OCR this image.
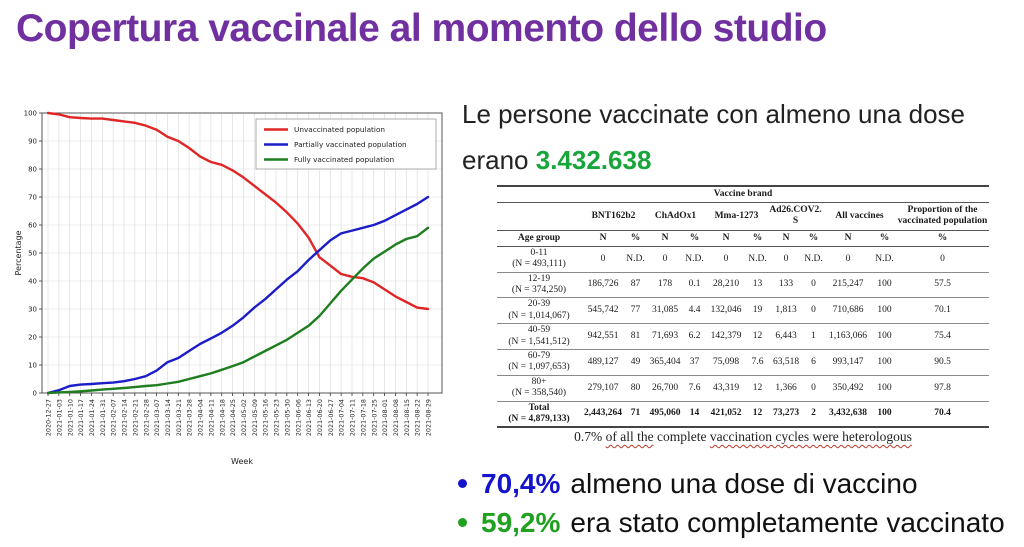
Copertura vaccinale al momento dello studio
0
10
20
30
40
50
60
70
80
90
100
2020-12-27 2021-01-03 2021-01-10 2021-01-17 2021-01-24 2021-01-31 2021-02-07 2021-02-14 2021-02-21 2021-02-28 2021-03-07 2021-03-14 2021-03-21 2021-03-28 2021-04-04 2021-04-11 2021-04-18 2021-04-25 2021-05-02 2021-05-09 2021-05-16 2021-05-23 2021-05-30 2021-06-06 2021-06-13 2021-06-20 2021-06-27 2021-07-04 2021-07-11 2021-07-18 2021-07-25 2021-08-01 2021-08-08 2021-08-15 2021-08-22 2021-08-29
Week
Percentage
Unvaccinated population
Partially vaccinated population
Fully vaccinated population
Le persone vaccinate con almeno una dose erano 3.432.638
Vaccine brand											
	BNT162b2		ChAdOx1		Mma-1273		Ad26.COV2.S		All vaccines		Proportion of the vaccinated population
Age group	N	%	N	%	N	%	N	%	N	%	%

0-11
(N = 493,111)	0	N.D.	0	N.D.	0	N.D.	0	N.D.	0	N.D.	0

12-19
(N = 374,250)	186,726	87	178	0.1	28,210	13	133	0	215,247	100	57.5

20-39
(N = 1,014,067)	545,742	77	31,085	4.4	132,046	19	1,813	0	710,686	100	70.1

40-59
(N = 1,541,512)	942,551	81	71,693	6.2	142,379	12	6,443	1	1,163,066	100	75.4

60-79
(N = 1,097,653)	489,127	49	365,404	37	75,098	7.6	63,518	6	993,147	100	90.5

80+
(N = 358,540)	279,107	80	26,700	7.6	43,319	12	1,366	0	350,492	100	97.8

Total
(N = 4,879,133)	2,443,264	71	495,060	14	421,052	12	73,273	2	3,432,638	100	70.4
0.7% of all the complete vaccination cycles were heterologous
70,4% almeno una dose di vaccino
59,2% era stato completamente vaccinato
